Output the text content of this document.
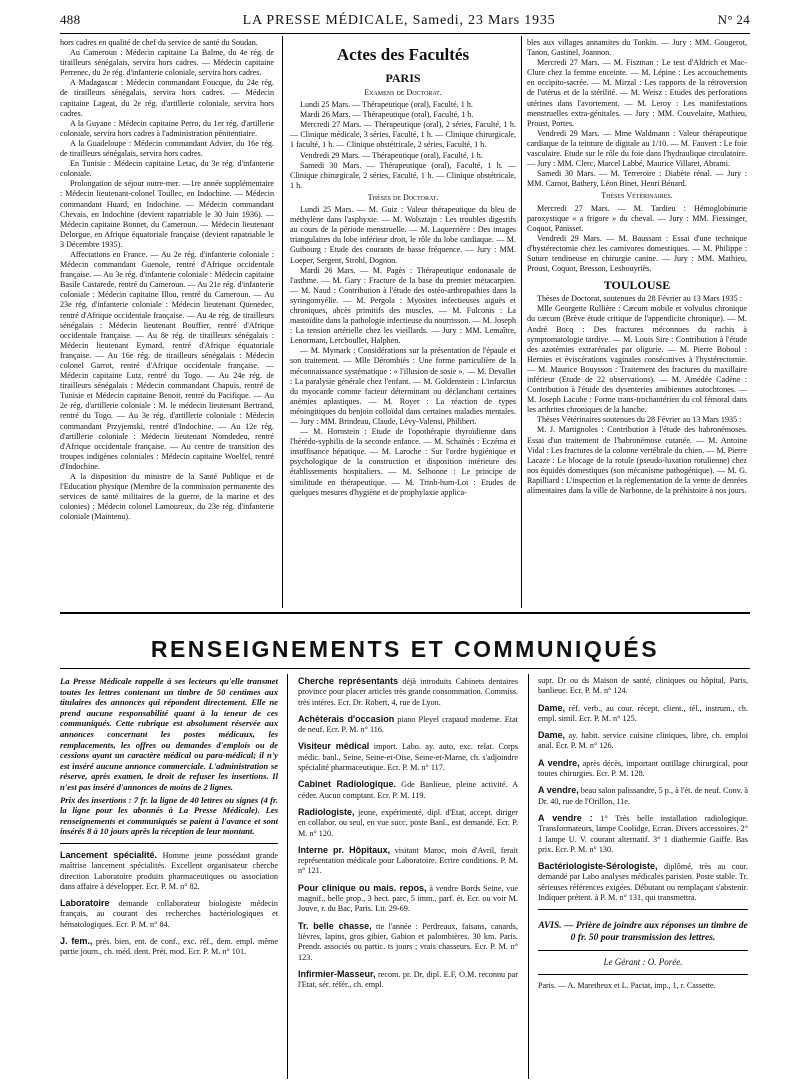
488	LA PRESSE MÉDICALE, Samedi, 23 Mars 1935	N° 24

hors cadres en qualité de chef du service de santé du Soudan.

Au Cameroun : Médecin capitaine La Balme, du 4e rég. de tirailleurs sénégalais, servira hors cadres. — Médecin capitaine Perrenec, du 2e rég. d'infanterie coloniale, servira hors cadres.

A Madagascar : Médecin commandant Foucque, du 24e rég. de tirailleurs sénégalais, servira hors cadres. — Médecin capitaine Lageat, du 2e rég. d'artillerie coloniale, servira hors cadres.

A la Guyane : Médecin capitaine Perro, du 1er rég. d'artillerie coloniale, servira hors cadres à l'administration pénitentiaire.

A la Guadeloupe : Médecin commandant Advier, du 16e rég. de tirailleurs sénégalais, servira hors cadres.

En Tunisie : Médecin capitaine Letac, du 3e rég. d'infanterie coloniale.

Prolongation de séjour outre-mer. —1re année supplémentaire : Médecin lieutenant-colonel Toullec, en Indochine. — Médecin commandant Huard, en Indochine. — Médecin commandant Chevais, en Indochine (devient rapatriable le 30 Juin 1936). — Médecin capitaine Bonnet, du Cameroun. — Médecin lieutenant Delorgue, en Afrique équatoriale française (devient rapatriable le 3 Décembre 1935).

Affectations en France. — Au 2e rég. d'infanterie coloniale : Médecin commandant Guenole, rentré d'Afrique occidentale française. — Au 3e rég. d'infanterie coloniale : Médecin capitaine Basile Castarede, rentré du Cameroun. — Au 21e rég. d'infanterie coloniale : Médecin capitaine Illou, rentré du Cameroun. — Au 23e rég. d'infanterie coloniale : Médecin lieutenant Quenedec, rentré d'Afrique occidentale française. — Au 4e rég. de tirailleurs sénégalais : Médecin lieutenant Bouffier, rentré d'Afrique occidentale française. — Au 8e rég. de tirailleurs sénégalais : Médecin lieutenant Eymard, rentré d'Afrique équatoriale française. — Au 16e rég. de tirailleurs sénégalais : Médecin colonel Garrot, rentré d'Afrique occidentale française. — Médecin capitaine Lutz, rentré du Togo. — Au 24e rég. de tirailleurs sénégalais : Médecin commandant Chapuis, rentré de Tunisie et Médecin capitaine Benoit, rentré du Pacifique. — Au 2e rég. d'artillerie coloniale : M. le médecin lieutenant Bertrand, rentré du Togo. — Au 3e rég. d'artillerie coloniale : Médecin commandant Przyjemski, rentré d'Indochine. — Au 12e rég. d'artillerie coloniale : Médecin lieutenant Nomdedeu, rentré d'Afrique occidentale française. — Au centre de transition des troupes indigènes coloniales : Médecin capitaine Woelfel, rentré d'Indochine.

A la disposition du ministre de la Santé Publique et de l'Education physique (Membre de la commission permanente des services de santé militaires de la guerre, de la marine et des colonies) : Médecin colonel Lamoureux, du 23e rég. d'infanterie coloniale (Maintenu).

Actes des Facultés
PARIS

Examens de Doctorat.

Lundi 25 Mars. — Thérapeutique (oral), Faculté, 1 h.

Mardi 26 Mars. — Thérapeutique (oral), Faculté, 1 h.

Mercredi 27 Mars. — Thérapeutique (oral), 2 séries, Faculté, 1 h. — Clinique médicale, 3 séries, Faculté, 1 h. — Clinique chirurgicale, 1 faculté, 1 h. — Clinique obstétricale, 2 séries, Faculté, 1 h.

Vendredi 29 Mars. — Thérapeutique (oral), Faculté, 1 h.

Samedi 30 Mars. — Thérapeutique (oral), Faculté, 1 h. — Clinique chirurgicale, 2 séries, Faculté, 1 h. — Clinique obstétricale, 1 h.

Thèses de Doctorat.

Lundi 25 Mars. — M. Guiz : Valeur thérapeutique du bleu de méthylène dans l'asphyxie. — M. Wolsztajn : Les troubles digestifs au cours de la période menstruelle. — M. Laquerrière : Des images triangulaires du lobe inférieur droit, le rôle du lobe cardiaque. — M. Guibourg : Etude des courants de basse fréquence. — Jury : MM. Loeper, Sergent, Strohl, Dognon.

Mardi 26 Mars. — M. Pagès : Thérapeutique endonasale de l'asthme. — M. Gary : Fracture de la base du premier métacarpien. — M. Naud : Contribution à l'étude des ostéo-arthropathies dans la syringomyélie. — M. Pergola : Myosites infectieuses aiguës et chroniques, abcès primitifs des muscles. — M. Fulconis : La mastoïdite dans la pathologie infectieuse du nourrisson. — M. Joseph : La tension artérielle chez les vieillards. — Jury : MM. Lemaître, Lenormant, Lercboullet, Halphen.

— M. Mymark : Considérations sur la présentation de l'épaule et son traitement. — Mlle Dérombiès : Une forme particulière de la méconnaissance systématique : « l'illusion de sosie ». — M. Devallet : La paralysie générale chez l'enfant. — M. Goldenstein : L'infarctus du myocarde comme facteur déterminant ou déclanchant certaines anémies aplastiques. — M. Royer : La réaction de types méningitiques du benjoin colloïdal dans certaines maladies mentales. — Jury : MM. Brindeau, Claude, Lévy-Valensi, Philibert.

— M. Hornstein : Etude de l'opothérapie thyroïdienne dans l'hérédo-syphilis de la seconde enfance. — M. Schaïnès : Eczéma et insuffisance hépatique. — M. Laroche : Sur l'ordre hygiénique et psychologique de la construction et disposition intérieure des établissements hospitaliers. — M. Selbonne : Le principe de similitude en thérapeutique. — M. Trinh-hum-Loi : Etudes de quelques mesures d'hygiène et de prophylaxie applica-

bles aux villages annamites du Tonkin. — Jury : MM. Gougerot, Tanon, Gastinel, Joannon.

Mercredi 27 Mars. — M. Fiszman : Le test d'Aldrich et Mac-Clure chez la femme enceinte. — M. Lépine : Les accouchements en occipito-sacrée. — M. Mirzal : Les rapports de la rétroversion de l'utérus et de la stérilité. — M. Weisz : Etudes des perforations utérines dans l'avortement. — M. Leroy : Les manifestations menstruelles extra-génitales. — Jury : MM. Couvelaire, Mathieu, Proust, Portes.

Vendredi 29 Mars. — Mme Waldmann : Valeur thérapeutique cardiaque de la teinture de digitale au 1/10. — M. Fauvert : Le foie vasculaire. Etude sur le rôle du foie dans l'hydraulique circulatoire. — Jury : MM. Clerc, Marcel Labbé, Maurice Villaret, Abrami.

Samedi 30 Mars. — M. Terreroire : Diabète rénal. — Jury : MM. Carnot, Bathery, Léon Binet, Henri Bénard.

Thèses Vétérinaires.

Mercredi 27 Mars. — M. Tardieu : Hémoglobinurie paroxystique « a frigore » du cheval. — Jury : MM. Fiessinger, Coquot, Panisset.

Vendredi 29 Mars. — M. Baussant : Essai d'une technique d'hystérectomie chez les carnivores domestiques. — M. Philippe : Suture tendineuse en chirurgie canine. — Jury : MM. Mathieu, Proust, Coquot, Bresson, Lesbouyriès.

TOULOUSE

Thèses de Doctorat, soutenues du 28 Février au 13 Mars 1935 :

Mlle Georgette Rullière : Cæcum mobile et volvulus chronique du cæcum (Brève étude critique de l'appendicite chronique). — M. André Bocq : Des fractures méconnues du rachis à symptomatologie tardive. — M. Louis Sire : Contribution à l'étude des azotémies extrarénales par oligurie. — M. Pierre Boboul : Hernies et éviscérations vaginales consécutives à l'hystérectomie. — M. Maurice Bouysson : Traitement des fractures du maxillaire inférieur (Etude de 22 observations). — M. Amédée Cadène : Contribution à l'étude des dysenteries amibiennes autochtones. — M. Joseph Lacube : Forme trans-trochantérien du col fémoral dans les arthrites chroniques de la hanche.

Thèses Vétérinaires soutenues du 28 Février au 13 Mars 1935 :

M. J. Martignoles : Contribution à l'étude des habronémoses. Essai d'un traitement de l'habronémose cutanée. — M. Antoine Vidal : Les fractures de la colonne vertébrale du chien. — M. Pierre Lacaze : Le blocage de la rotule (pseudo-luxation rotulienne) chez nos équidés domestiques (son mécanisme pathogénique). — M. G. Rapilliard : L'inspection et la réglementation de la vente de denrées alimentaires dans la ville de Narbonne, de la préhistoire à nos jours.

RENSEIGNEMENTS ET COMMUNIQUÉS

La Presse Médicale rappelle à ses lecteurs qu'elle transmet toutes les lettres contenant un timbre de 50 centimes aux titulaires des annonces qui répondent directement. Elle ne prend aucune responsabilité quant à la teneur de ces communiqués. Cette rubrique est absolument réservée aux annonces concernant les postes médicaux, les remplacements, les offres ou demandes d'emplois ou de cessions ayant un caractère médical ou para-médical; il n'y est inséré aucune annonce commerciale. L'administration se réserve, après examen, le droit de refuser les insertions. Il n'est pas inséré d'annonces de moins de 2 lignes.

Prix des insertions : 7 fr. la ligne de 40 lettres ou signes (4 fr. la ligne pour les abonnés à La Presse Médicale). Les renseignements et communiqués se paient à l'avance et sont insérés 8 à 10 jours après la réception de leur montant.

Lancement spécialité. Homme jeune possédant grande maîtrise lancement spécialités. Excellent organisateur cherche direction Laboratoire produits pharmaceutiques ou association dans affaire à développer. Ecr. P. M. n° 82.

Laboratoire demande collaborateur biologiste médecin français, au courant des recherches bactériologiques et hématologiques. Ecr. P. M. n° 84.

J. fem., prés. bien, ent. de conf., exc. réf., dem. empl. même partie journ., ch. méd. dent. Prét. mod. Ecr. P. M. n° 101.

Cherche représentants déjà introduits Cabinets dentaires province pour placer articles très grande consommation. Commiss. très intéres. Ecr. Dr. Robert, 4, rue de Lyon.

Achèterais d'occasion piano Pleyel crapaud moderne. Etat de neuf. Ecr. P. M. n° 116.

Visiteur médical import. Labo. ay. auto, exc. relat. Corps médic. banl., Seine, Seine-et-Oise, Seine-et-Marne, ch. s'adjoindre spécialité pharmaceutique. Ecr. P. M. n° 117.

Cabinet Radiologique. Gde Banlieue, pleine activité. A céder. Aucun comptant. Ecr. P. M. 119.

Radiologiste, jeune, expérimenté, dipl. d'Etat, accept. diriger en collabor. ou seul, en vue succ. poste Banl., est demandé. Ecr. P. M. n° 120.

Interne pr. Hôpitaux, visitant Maroc, mois d'Avril, ferait représentation médicale pour Laboratoire. Ecrire conditions. P. M. n° 121.

Pour clinique ou mais. repos, à vendre Bords Seine, vue magnif., belle prop., 3 hect. parc, 5 imm., parf. ét. Ecr. ou voir M. Jouve, r. du Bac, Paris. Lit. 29-69.

Tr. belle chasse, tte l'année : Perdreaux, faisans, canards, lièvres, lapins, gros gibier, Gabion et palombières. 30 km. Paris. Prendr. associés ou partic. ts jours ; vrais chasseurs. Ecr. P. M. n° 123.

Infirmier-Masseur, recom. pr. Dr, dipl. E.F, O.M. reconnu par l'Etat, sér. référ., ch. empl.

supr. Dr ou ds Maison de santé, cliniques ou hôpital, Paris, banlieue. Ecr. P. M. n° 124.

Dame, réf. verb., au cour. récept. client., tél., instrum., ch. empl. simil. Ecr. P. M. n° 125.

Dame, ay. habit. service cuisine cliniques, libre, ch. emploi anal. Ecr. P. M. n° 126.

A vendre, après décès, important outillage chirurgical, pour toutes chirurgies. Ecr. P. M. 128.

A vendre, beau salon palissandre, 5 p., à l'ét. de neuf. Conv. à Dr. 40, rue de l'Orillon, 11e.

A vendre : 1° Très belle installation radiologique. Transformateurs, lampe Coolidge, Ecran. Divers accessoires. 2° 1 lampe U. V. courant alternatif. 3° 1 diathermie Gaiffe. Bas prix. Ecr. P. M. n° 130.

Bactériologiste-Sérologiste, diplômé, très au cour. demandé par Labo analyses médicales parisien. Poste stable. Tr. sérieuses références exigées. Débutant ou remplaçant s'abstenir. Indiquer prétent. à P. M. n° 131, qui transmettra.

AVIS. — Prière de joindre aux réponses un timbre de 0 fr. 50 pour transmission des lettres.

Le Gérant : O. Porée.

Paris. — A. Maretheux et L. Pactat, imp., 1, r. Cassette.
